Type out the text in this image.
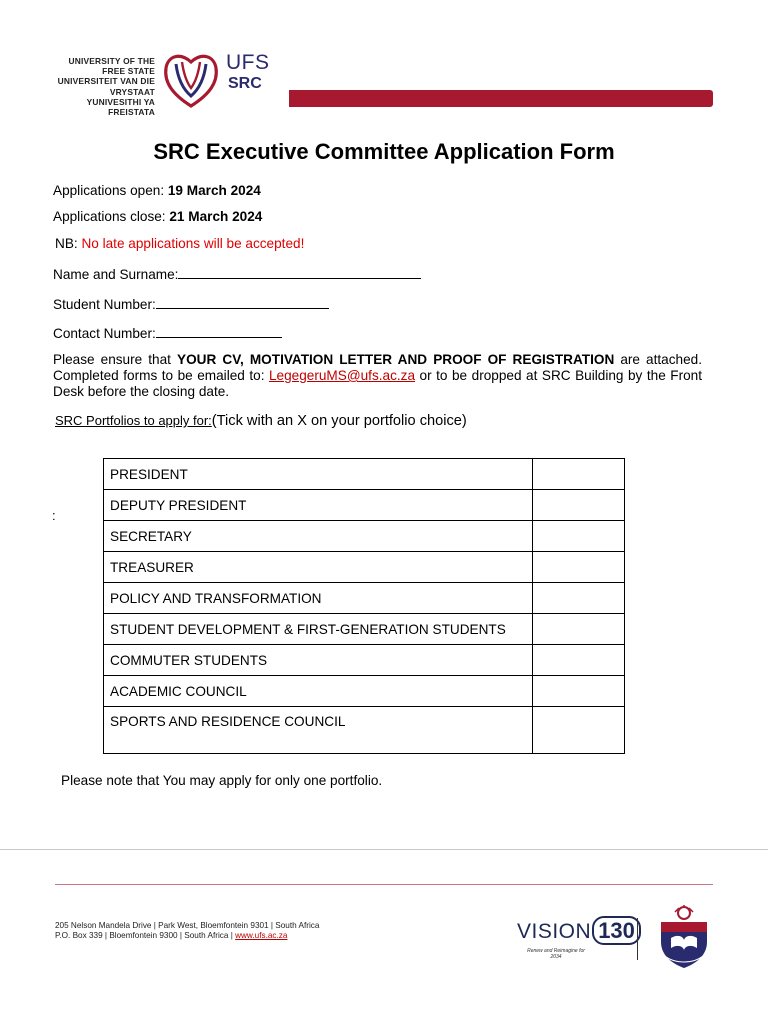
UNIVERSITY OF THE
FREE STATE
UNIVERSITEIT VAN DIE
VRYSTAAT
YUNIVESITHI YA
FREISTATA
UFS
SRC
SRC Executive Committee Application Form
Applications open: 19 March 2024
Applications close: 21 March 2024
NB: No late applications will be accepted!
Name and Surname:
Student Number:
Contact Number:
Please ensure that YOUR CV, MOTIVATION LETTER AND PROOF OF REGISTRATION are attached. Completed forms to be emailed to: LegegeruMS@ufs.ac.za or to be dropped at SRC Building by the Front Desk before the closing date.
SRC Portfolios to apply for:(Tick with an X on your portfolio choice)
:
PRESIDENT	
DEPUTY PRESIDENT	
SECRETARY	
TREASURER	
POLICY AND TRANSFORMATION	
STUDENT DEVELOPMENT & FIRST-GENERATION STUDENTS	
COMMUTER STUDENTS	
ACADEMIC COUNCIL	
SPORTS AND RESIDENCE COUNCIL	
Please note that You may apply for only one portfolio.
205 Nelson Mandela Drive | Park West, Bloemfontein 9301 | South Africa
P.O. Box 339 | Bloemfontein 9300 | South Africa | www.ufs.ac.za	VISION 130
Renew and Reimagine for 2034
